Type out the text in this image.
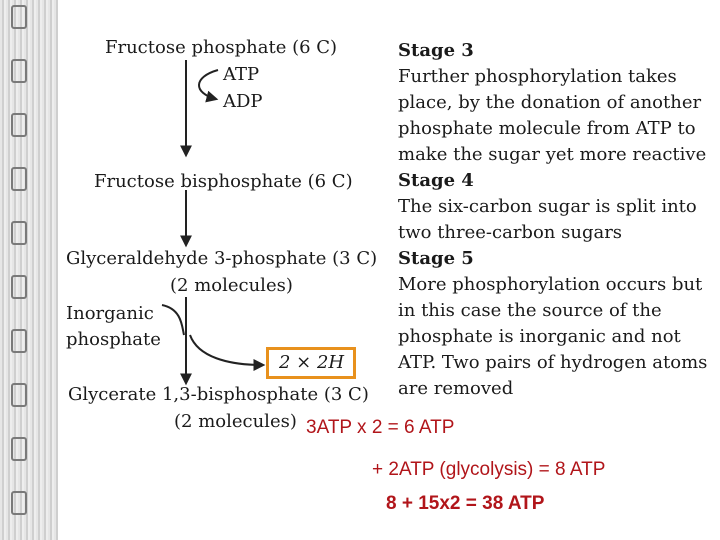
Fructose phosphate (6 C)
ATP
ADP
Fructose bisphosphate (6 C)
Glyceraldehyde 3-phosphate (3 C)
(2 molecules)
Inorganic
phosphate
2 × 2H
Glycerate 1,3-bisphosphate (3 C)
(2 molecules)
Stage 3
Further phosphorylation takes place, by the donation of another phosphate molecule from ATP to make the sugar yet more reactive
Stage 4
The six-carbon sugar is split into two three-carbon sugars
Stage 5
More phosphorylation occurs but in this case the source of the phosphate is inorganic and not ATP. Two pairs of hydrogen atoms are removed
3ATP x 2 = 6 ATP
+ 2ATP (glycolysis) = 8 ATP
8 + 15x2 = 38 ATP
